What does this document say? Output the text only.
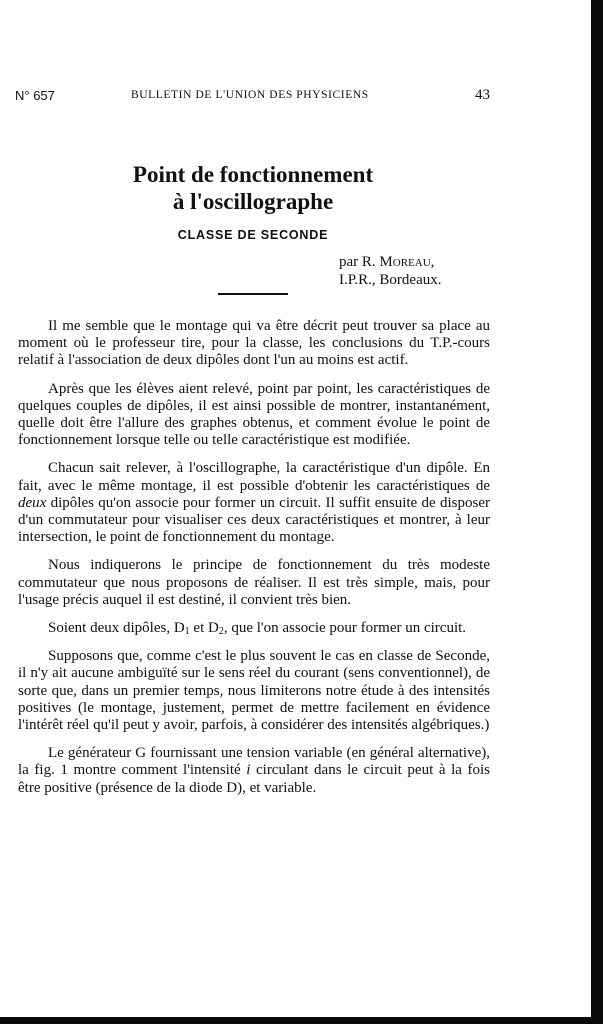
N° 657	BULLETIN DE L'UNION DES PHYSICIENS	43
Point de fonctionnement
à l'oscillographe
CLASSE DE SECONDE
par R. Moreau,
I.P.R., Bordeaux.

Il me semble que le montage qui va être décrit peut trouver sa place au moment où le professeur tire, pour la classe, les conclusions du T.P.-cours relatif à l'association de deux dipôles dont l'un au moins est actif.

Après que les élèves aient relevé, point par point, les caractéristiques de quelques couples de dipôles, il est ainsi possible de montrer, instantanément, quelle doit être l'allure des graphes obtenus, et comment évolue le point de fonctionnement lorsque telle ou telle caractéristique est modifiée.

Chacun sait relever, à l'oscillographe, la caractéristique d'un dipôle. En fait, avec le même montage, il est possible d'obtenir les caractéristiques de deux dipôles qu'on associe pour former un circuit. Il suffit ensuite de disposer d'un commutateur pour visualiser ces deux caractéristiques et montrer, à leur intersection, le point de fonctionnement du montage.

Nous indiquerons le principe de fonctionnement du très modeste commutateur que nous proposons de réaliser. Il est très simple, mais, pour l'usage précis auquel il est destiné, il convient très bien.

Soient deux dipôles, $D_1$ et $D_2$, que l'on associe pour former un circuit.

Supposons que, comme c'est le plus souvent le cas en classe de Seconde, il n'y ait aucune ambiguïté sur le sens réel du courant (sens conventionnel), de sorte que, dans un premier temps, nous limiterons notre étude à des intensités positives (le montage, justement, permet de mettre facilement en évidence l'intérêt réel qu'il peut y avoir, parfois, à considérer des intensités algébriques.)

Le générateur G fournissant une tension variable (en général alternative), la fig. 1 montre comment l'intensité i circulant dans le circuit peut à la fois être positive (présence de la diode D), et variable.
